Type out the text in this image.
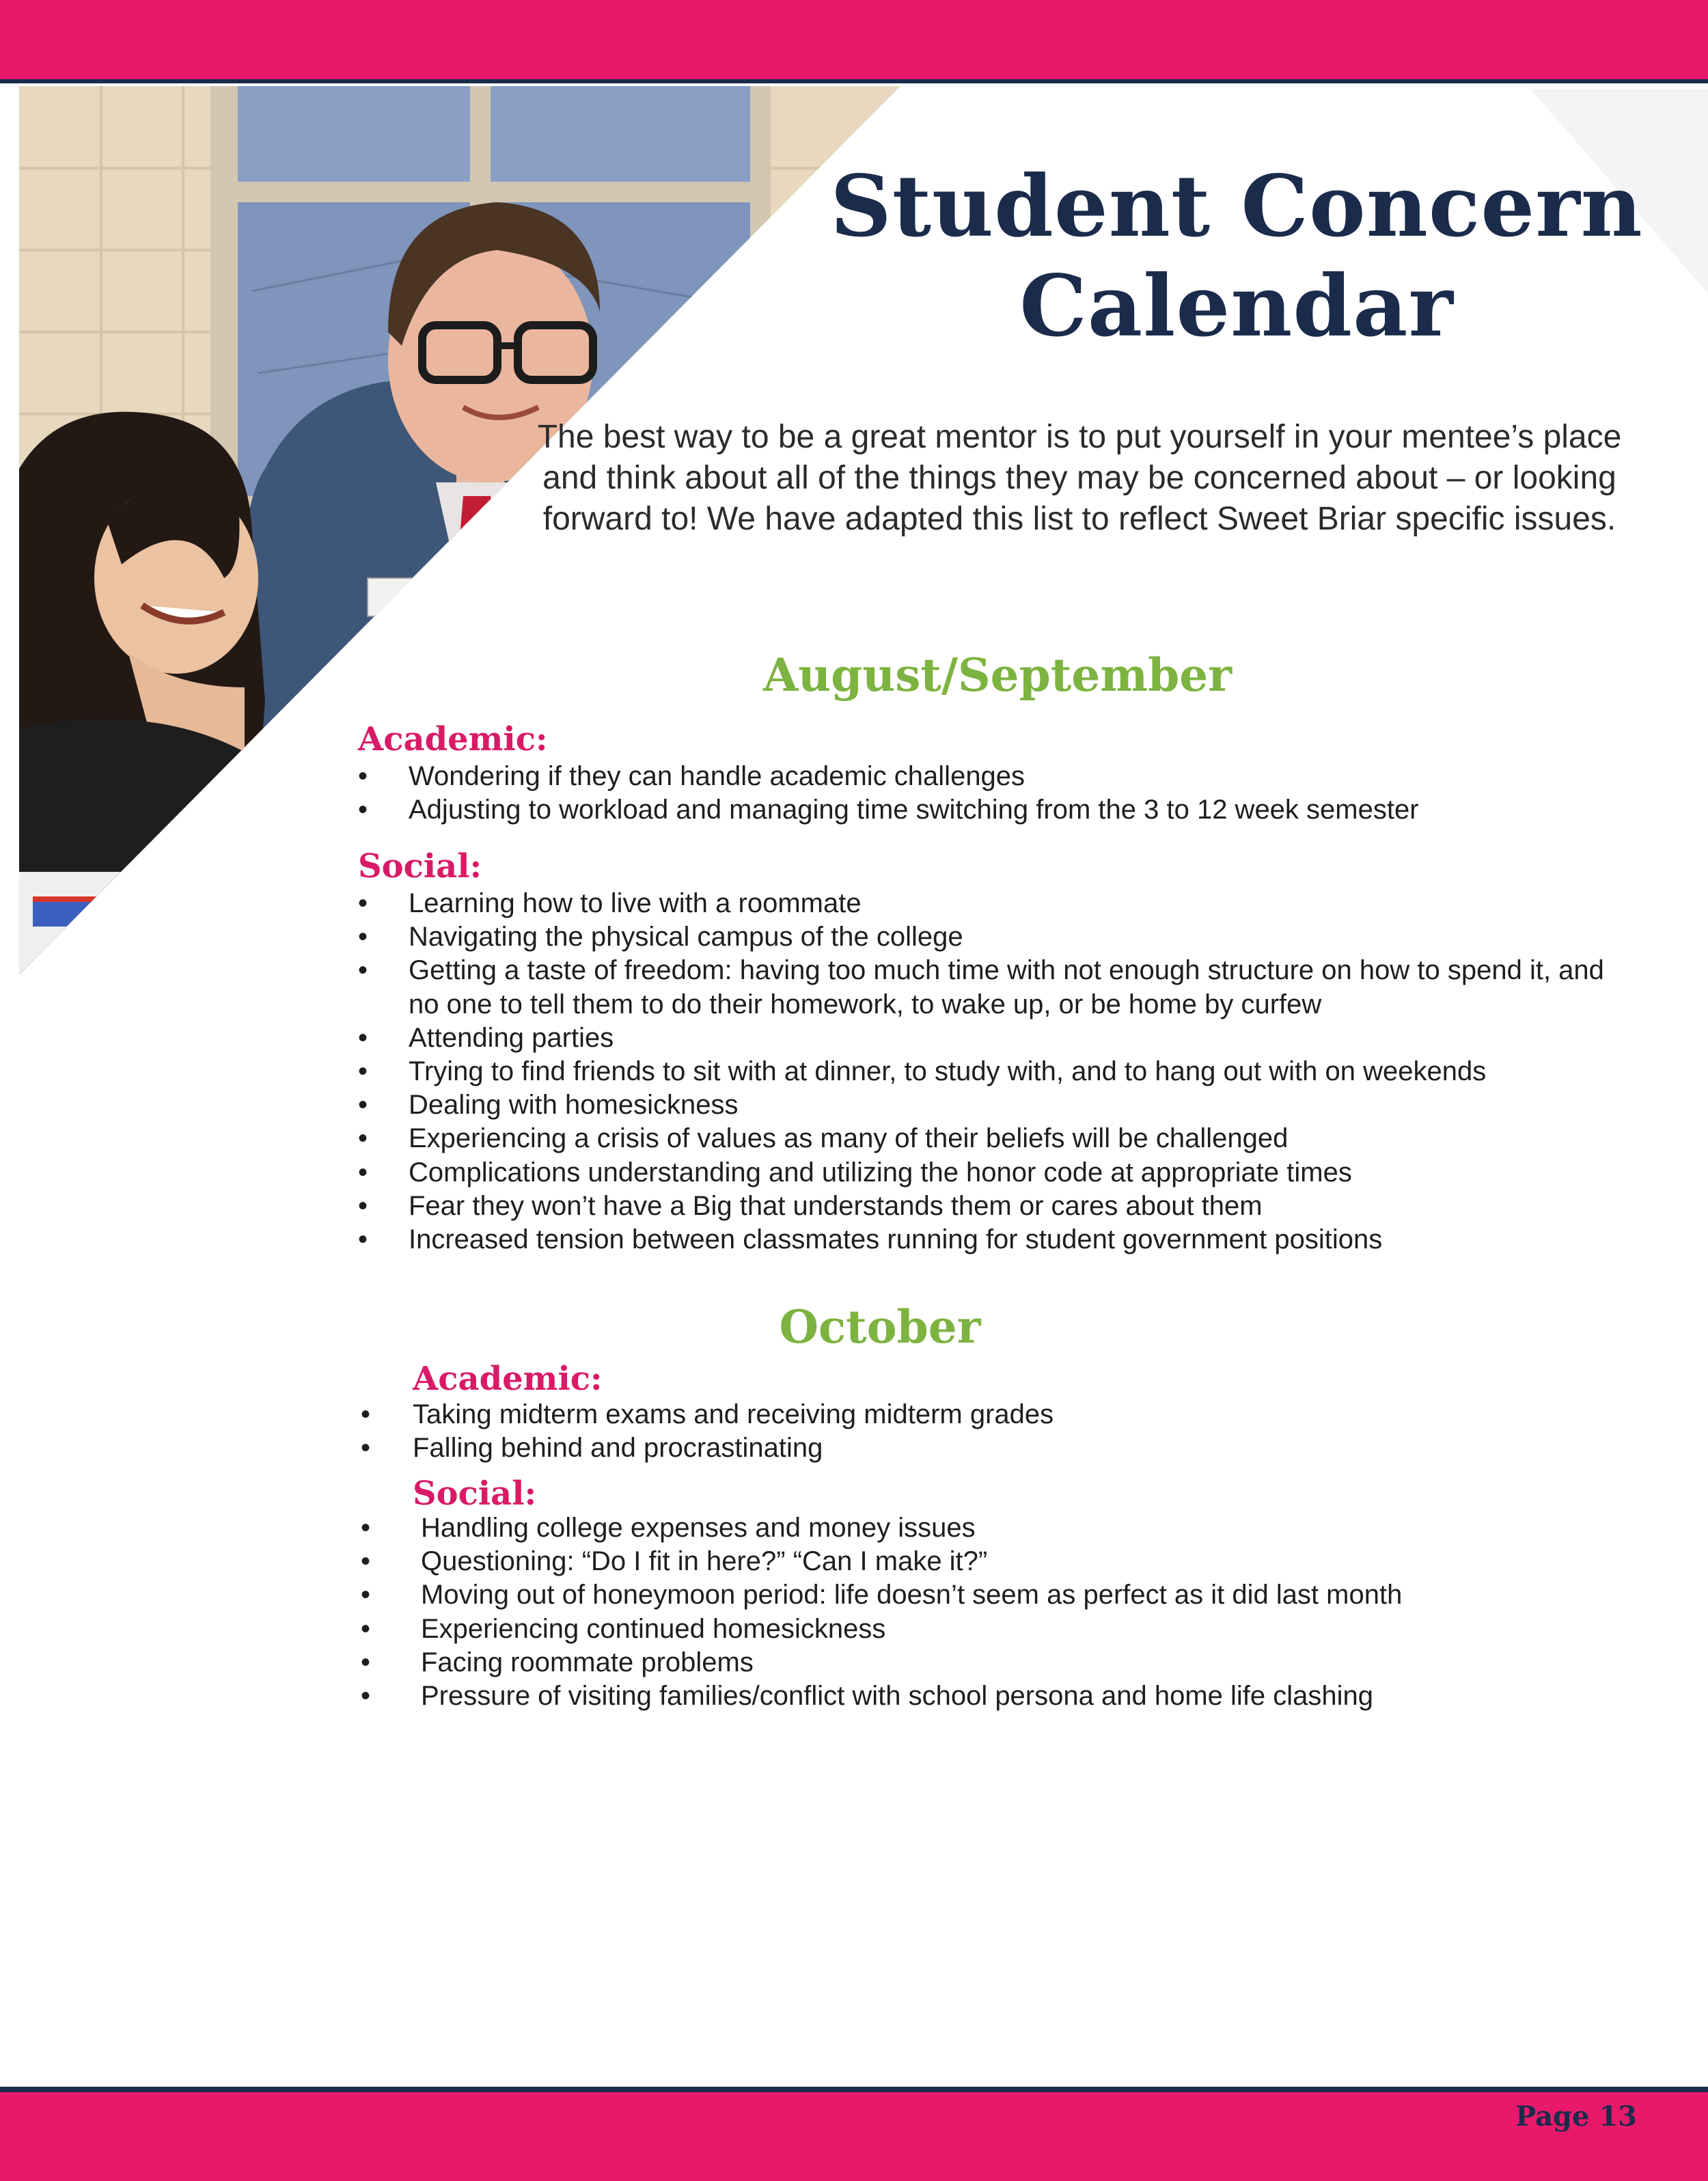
Student Concern Calendar

The best way to be a great mentor is to put yourself in your mentee’s place and think about all of the things they may be concerned about – or looking forward to! We have adapted this list to reflect Sweet Briar specific issues.

August/September
Academic:
• Wondering if they can handle academic challenges
• Adjusting to workload and managing time switching from the 3 to 12 week semester
Social:
• Learning how to live with a roommate
• Navigating the physical campus of the college
• Getting a taste of freedom: having too much time with not enough structure on how to spend it, and no one to tell them to do their homework, to wake up, or be home by curfew
• Attending parties
• Trying to find friends to sit with at dinner, to study with, and to hang out with on weekends
• Dealing with homesickness
• Experiencing a crisis of values as many of their beliefs will be challenged
• Complications understanding and utilizing the honor code at appropriate times
• Fear they won’t have a Big that understands them or cares about them
• Increased tension between classmates running for student government positions
October
Academic:
• Taking midterm exams and receiving midterm grades
• Falling behind and procrastinating
Social:
• Handling college expenses and money issues
• Questioning: “Do I fit in here?” “Can I make it?”
• Moving out of honeymoon period: life doesn’t seem as perfect as it did last month
• Experiencing continued homesickness
• Facing roommate problems
• Pressure of visiting families/conflict with school persona and home life clashing
Page 13
